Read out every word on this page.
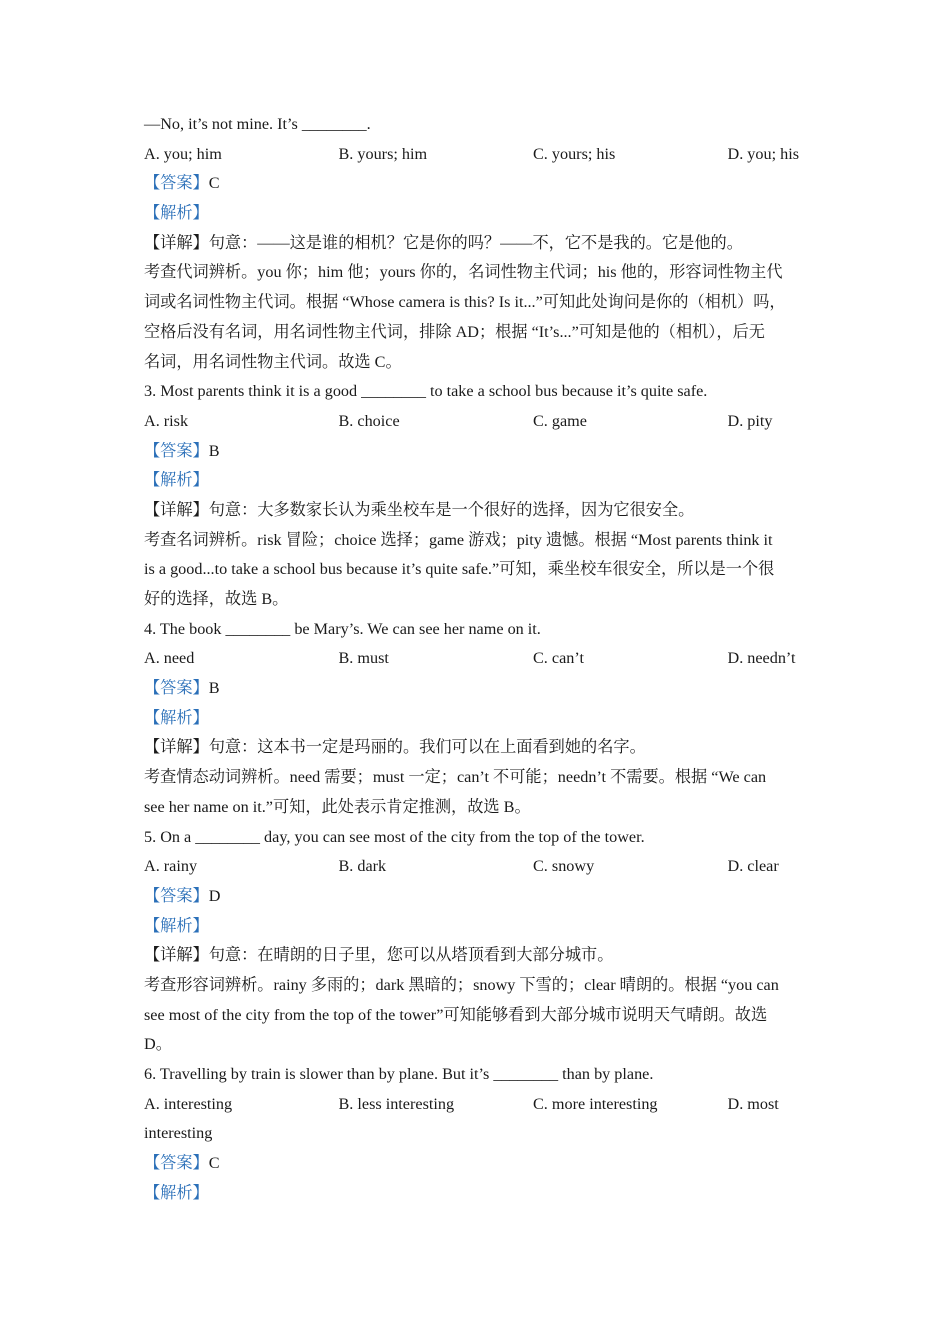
—No, it’s not mine. It’s ________.
A. you; him	B. yours; him	C. yours; his	D. you; his
【答案】C
【解析】
【详解】句意：——这是谁的相机？它是你的吗？——不，它不是我的。它是他的。
考查代词辨析。you 你；him 他；yours 你的，名词性物主代词；his 他的，形容词性物主代
词或名词性物主代词。根据 “Whose camera is this? Is it...”可知此处询问是你的（相机）吗，
空格后没有名词，用名词性物主代词，排除 AD；根据 “It’s...”可知是他的（相机），后无
名词，用名词性物主代词。故选 C。
3. Most parents think it is a good ________ to take a school bus because it’s quite safe.
A. risk	B. choice	C. game	D. pity
【答案】B
【解析】
【详解】句意：大多数家长认为乘坐校车是一个很好的选择，因为它很安全。
考查名词辨析。risk 冒险；choice 选择；game 游戏；pity 遗憾。根据 “Most parents think it
is a good...to take a school bus because it’s quite safe.”可知，乘坐校车很安全，所以是一个很
好的选择，故选 B。
4. The book ________ be Mary’s. We can see her name on it.
A. need	B. must	C. can’t	D. needn’t
【答案】B
【解析】
【详解】句意：这本书一定是玛丽的。我们可以在上面看到她的名字。
考查情态动词辨析。need 需要；must 一定；can’t 不可能；needn’t 不需要。根据 “We can
see her name on it.”可知，此处表示肯定推测，故选 B。
5. On a ________ day, you can see most of the city from the top of the tower.
A. rainy	B. dark	C. snowy	D. clear
【答案】D
【解析】
【详解】句意：在晴朗的日子里，您可以从塔顶看到大部分城市。
考查形容词辨析。rainy 多雨的；dark 黑暗的；snowy 下雪的；clear 晴朗的。根据 “you can
see most of the city from the top of the tower”可知能够看到大部分城市说明天气晴朗。故选
D。
6. Travelling by train is slower than by plane. But it’s ________ than by plane.
A. interesting	B. less interesting	C. more interesting	D. most
interesting
【答案】C
【解析】
